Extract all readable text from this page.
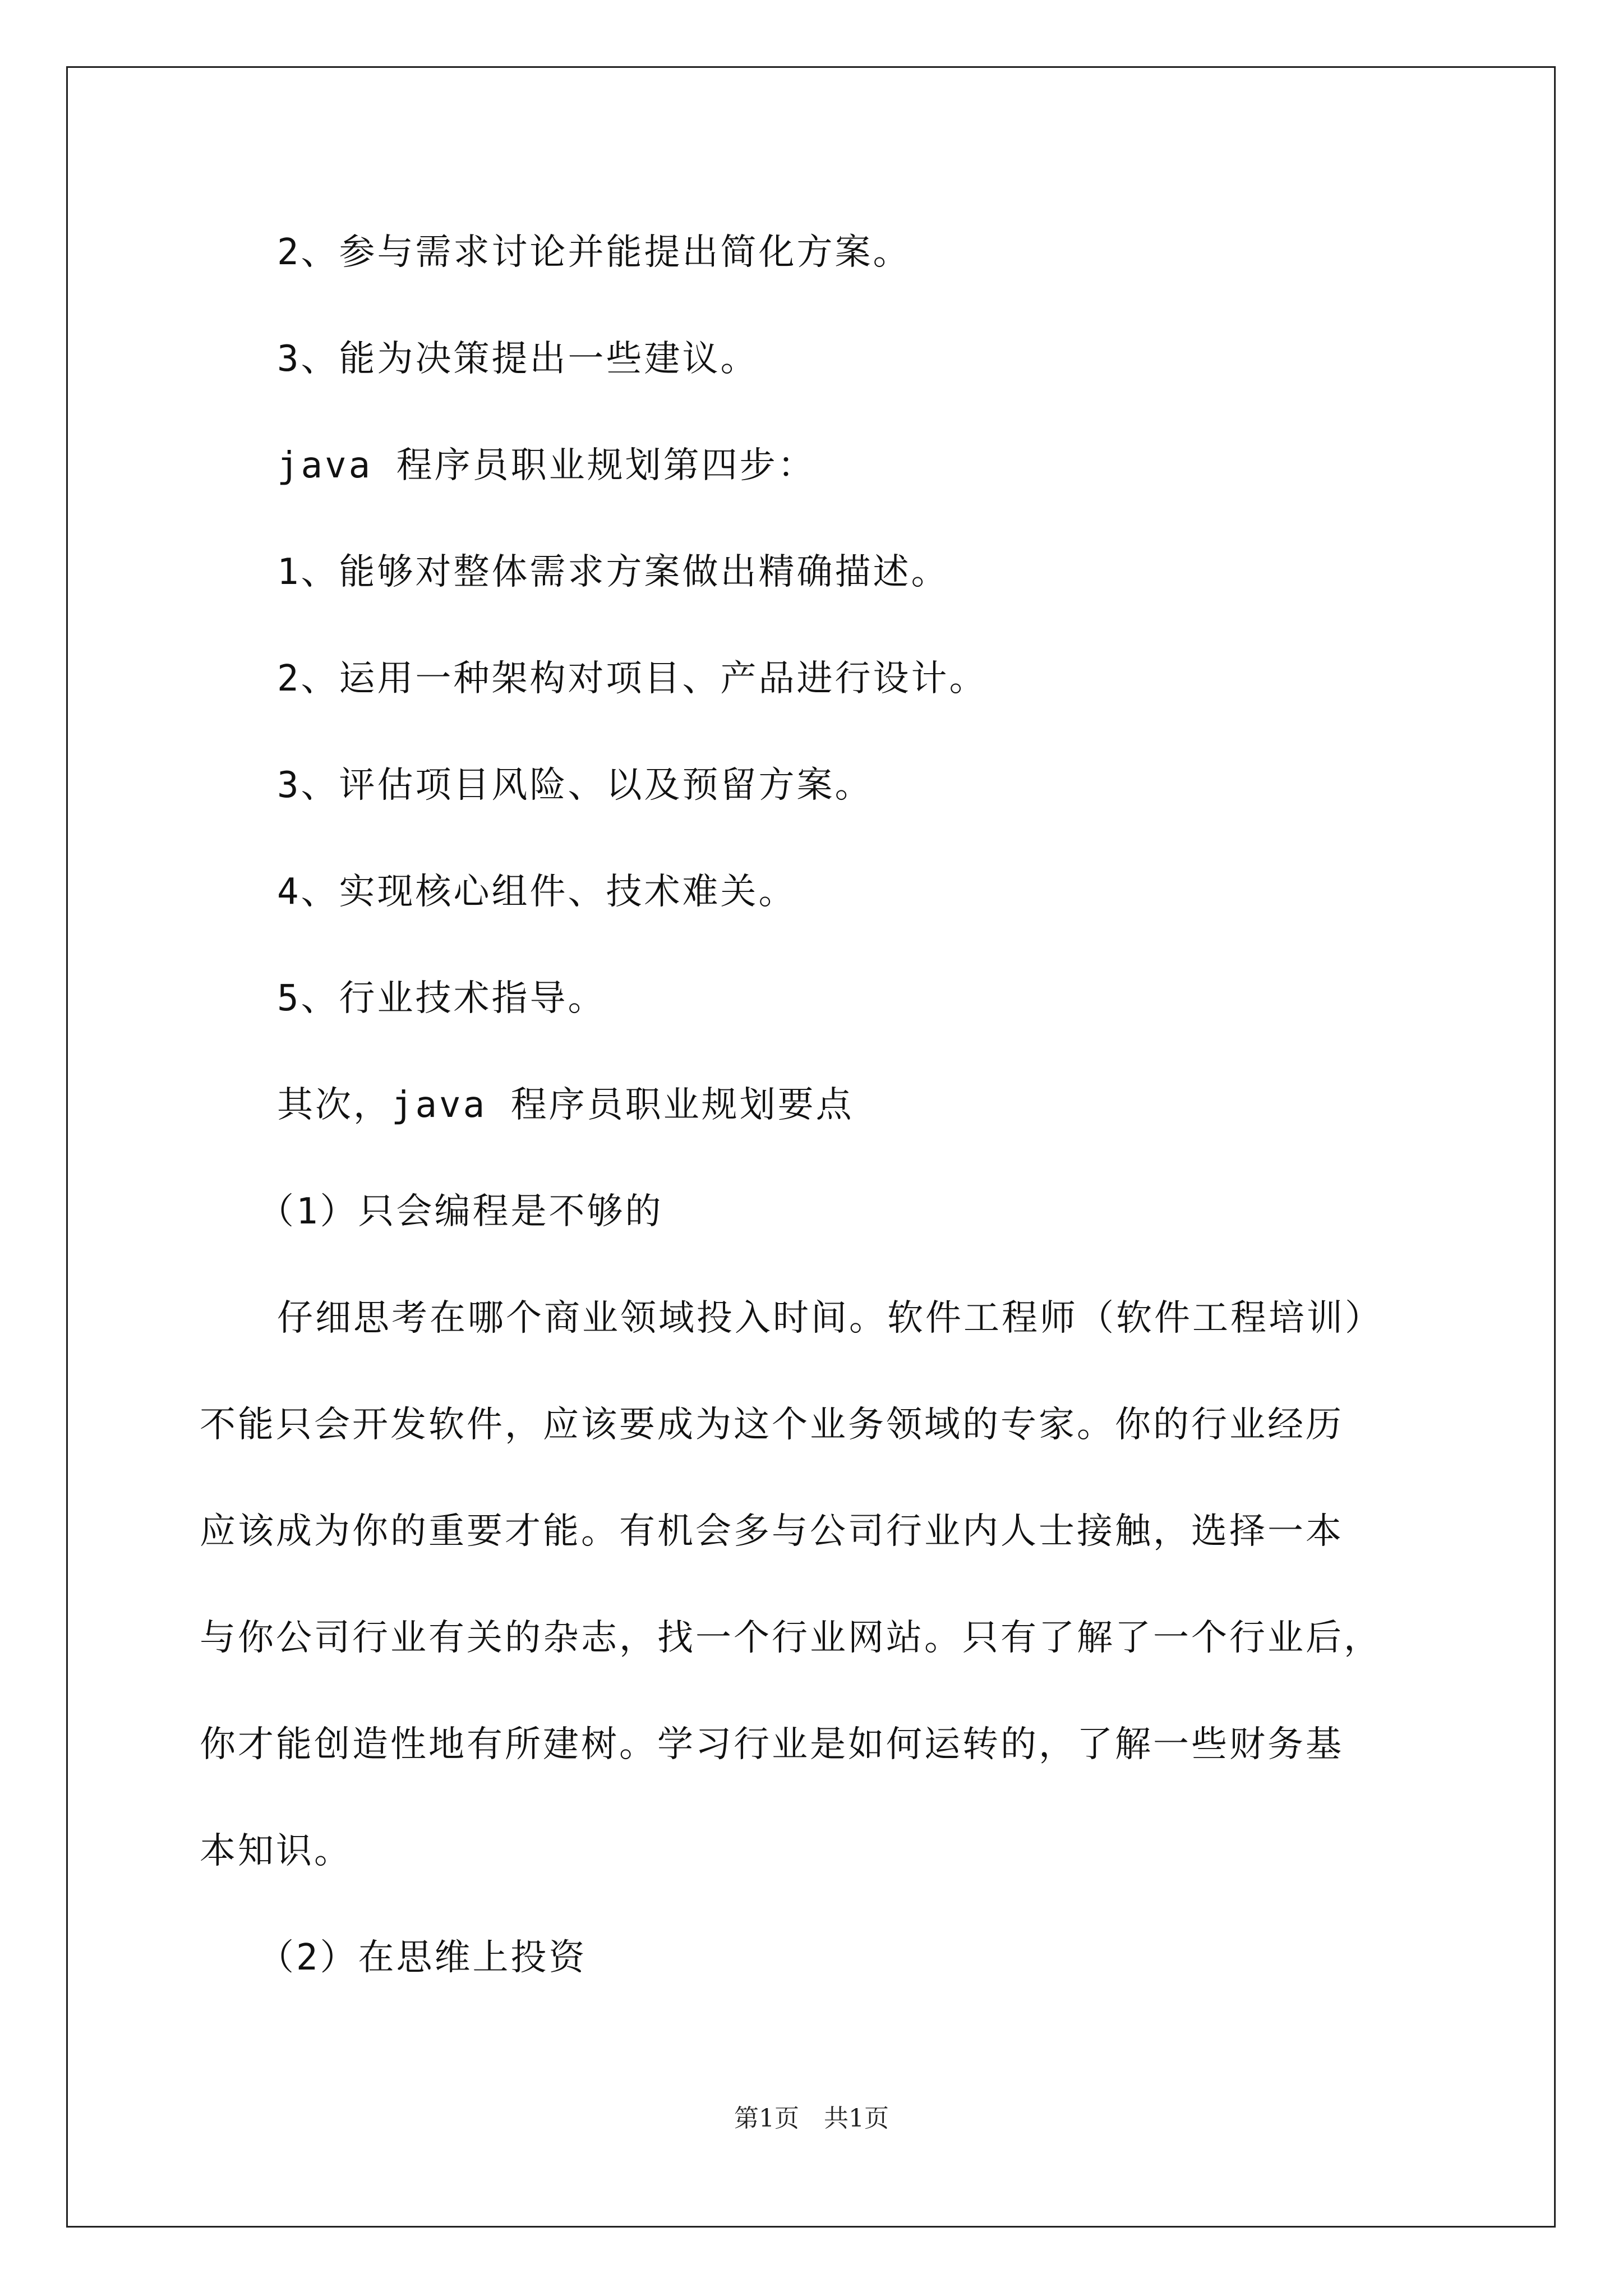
2、参与需求讨论并能提出简化方案。
3、能为决策提出一些建议。
java 程序员职业规划第四步：
1、能够对整体需求方案做出精确描述。
2、运用一种架构对项目、产品进行设计。
3、评估项目风险、以及预留方案。
4、实现核心组件、技术难关。
5、行业技术指导。
其次，java 程序员职业规划要点
（1）只会编程是不够的
仔细思考在哪个商业领域投入时间。软件工程师（软件工程培训）
不能只会开发软件，应该要成为这个业务领域的专家。你的行业经历
应该成为你的重要才能。有机会多与公司行业内人士接触，选择一本
与你公司行业有关的杂志，找一个行业网站。只有了解了一个行业后，
你才能创造性地有所建树。学习行业是如何运转的，了解一些财务基
本知识。
（2）在思维上投资
第1页　共1页
